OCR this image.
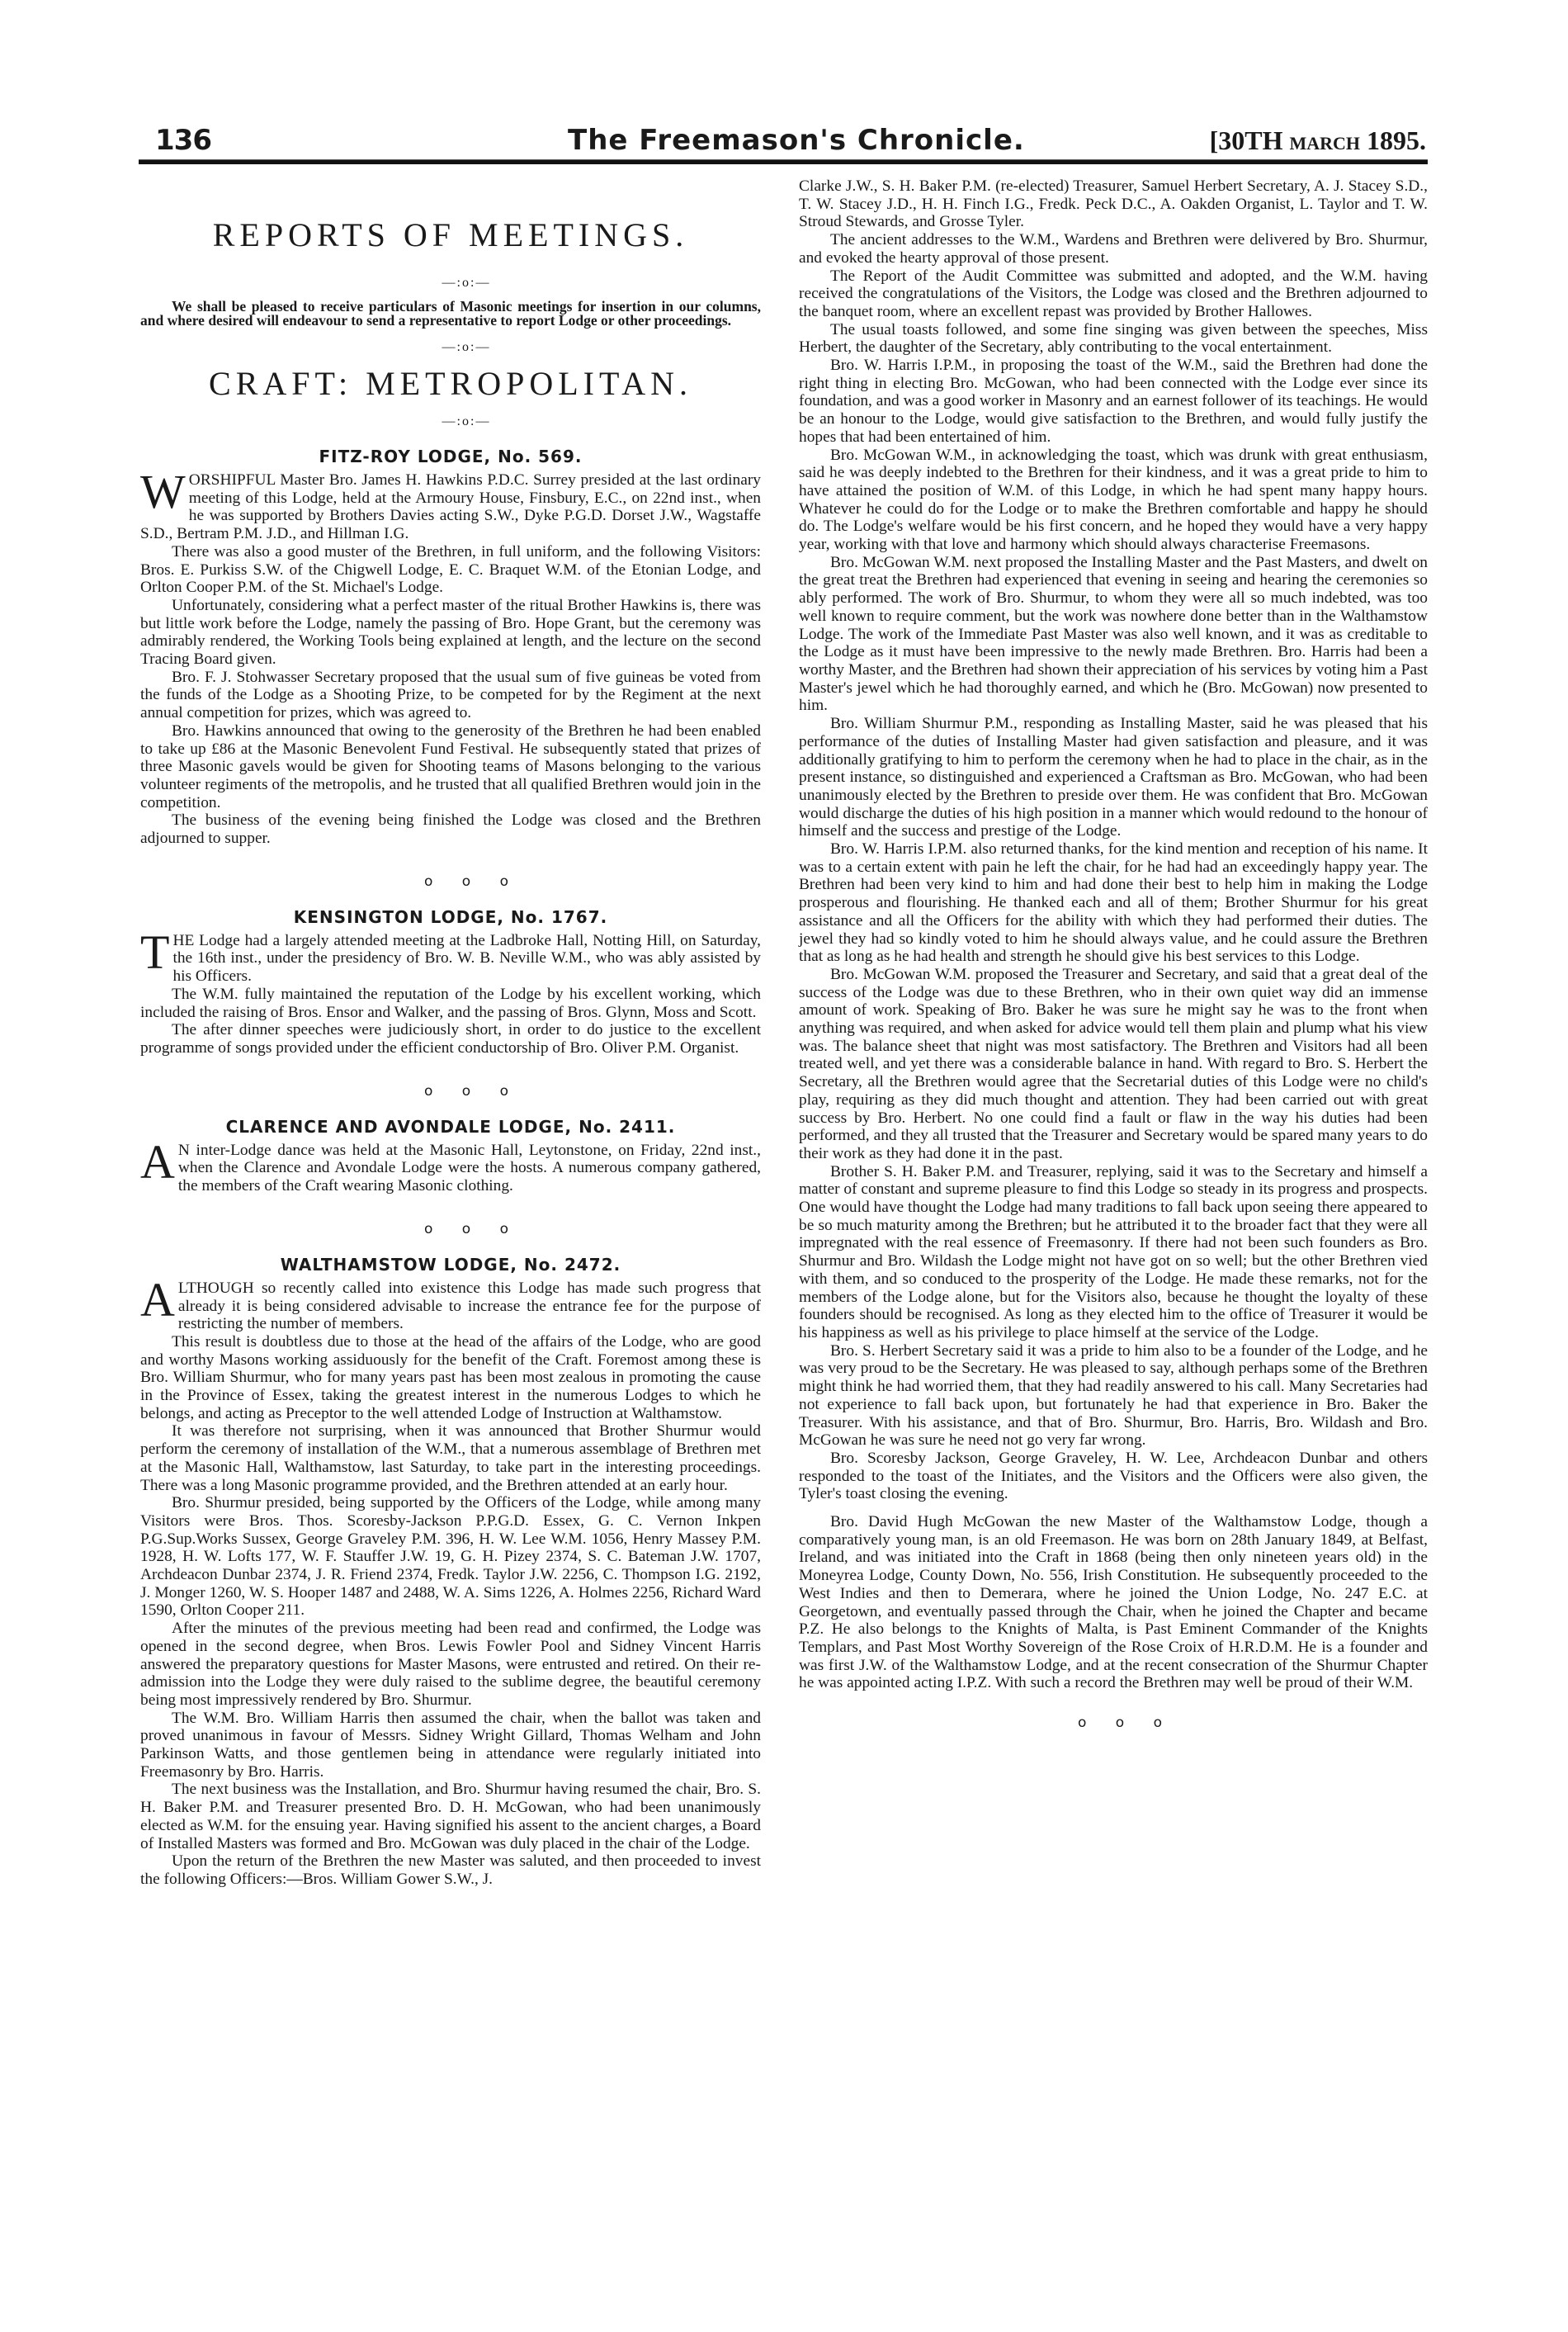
136	The Freemason's Chronicle.	[30TH MARCH 1895.
REPORTS OF MEETINGS.

—:o:—

We shall be pleased to receive particulars of Masonic meetings for insertion in our columns, and where desired will endeavour to send a representative to report Lodge or other proceedings.

—:o:—

CRAFT: METROPOLITAN.

—:o:—

FITZ-ROY LODGE, No. 569.

WORSHIPFUL Master Bro. James H. Hawkins P.D.C. Surrey presided at the last ordinary meeting of this Lodge, held at the Armoury House, Finsbury, E.C., on 22nd inst., when he was supported by Brothers Davies acting S.W., Dyke P.G.D. Dorset J.W., Wagstaffe S.D., Bertram P.M. J.D., and Hillman I.G.

There was also a good muster of the Brethren, in full uniform, and the following Visitors: Bros. E. Purkiss S.W. of the Chigwell Lodge, E. C. Braquet W.M. of the Etonian Lodge, and Orlton Cooper P.M. of the St. Michael's Lodge.

Unfortunately, considering what a perfect master of the ritual Brother Hawkins is, there was but little work before the Lodge, namely the passing of Bro. Hope Grant, but the ceremony was admirably rendered, the Working Tools being explained at length, and the lecture on the second Tracing Board given.

Bro. F. J. Stohwasser Secretary proposed that the usual sum of five guineas be voted from the funds of the Lodge as a Shooting Prize, to be competed for by the Regiment at the next annual competition for prizes, which was agreed to.

Bro. Hawkins announced that owing to the generosity of the Brethren he had been enabled to take up £86 at the Masonic Benevolent Fund Festival. He subsequently stated that prizes of three Masonic gavels would be given for Shooting teams of Masons belonging to the various volunteer regiments of the metropolis, and he trusted that all qualified Brethren would join in the competition.

The business of the evening being finished the Lodge was closed and the Brethren adjourned to supper.

o o o

KENSINGTON LODGE, No. 1767.

THE Lodge had a largely attended meeting at the Ladbroke Hall, Notting Hill, on Saturday, the 16th inst., under the presidency of Bro. W. B. Neville W.M., who was ably assisted by his Officers.

The W.M. fully maintained the reputation of the Lodge by his excellent working, which included the raising of Bros. Ensor and Walker, and the passing of Bros. Glynn, Moss and Scott.

The after dinner speeches were judiciously short, in order to do justice to the excellent programme of songs provided under the efficient conductorship of Bro. Oliver P.M. Organist.

o o o

CLARENCE AND AVONDALE LODGE, No. 2411.

A N inter-Lodge dance was held at the Masonic Hall, Leytonstone, on Friday, 22nd inst., when the Clarence and Avondale Lodge were the hosts. A numerous company gathered, the members of the Craft wearing Masonic clothing.

o o o

WALTHAMSTOW LODGE, No. 2472.

ALTHOUGH so recently called into existence this Lodge has made such progress that already it is being considered advisable to increase the entrance fee for the purpose of restricting the number of members.

This result is doubtless due to those at the head of the affairs of the Lodge, who are good and worthy Masons working assiduously for the benefit of the Craft. Foremost among these is Bro. William Shurmur, who for many years past has been most zealous in promoting the cause in the Province of Essex, taking the greatest interest in the numerous Lodges to which he belongs, and acting as Preceptor to the well attended Lodge of Instruction at Walthamstow.

It was therefore not surprising, when it was announced that Brother Shurmur would perform the ceremony of installation of the W.M., that a numerous assemblage of Brethren met at the Masonic Hall, Walthamstow, last Saturday, to take part in the interesting proceedings. There was a long Masonic programme provided, and the Brethren attended at an early hour.

Bro. Shurmur presided, being supported by the Officers of the Lodge, while among many Visitors were Bros. Thos. Scoresby-Jackson P.P.G.D. Essex, G. C. Vernon Inkpen P.G.Sup.Works Sussex, George Graveley P.M. 396, H. W. Lee W.M. 1056, Henry Massey P.M. 1928, H. W. Lofts 177, W. F. Stauffer J.W. 19, G. H. Pizey 2374, S. C. Bateman J.W. 1707, Archdeacon Dunbar 2374, J. R. Friend 2374, Fredk. Taylor J.W. 2256, C. Thompson I.G. 2192, J. Monger 1260, W. S. Hooper 1487 and 2488, W. A. Sims 1226, A. Holmes 2256, Richard Ward 1590, Orlton Cooper 211.

After the minutes of the previous meeting had been read and confirmed, the Lodge was opened in the second degree, when Bros. Lewis Fowler Pool and Sidney Vincent Harris answered the preparatory questions for Master Masons, were entrusted and retired. On their re-admission into the Lodge they were duly raised to the sublime degree, the beautiful ceremony being most impressively rendered by Bro. Shurmur.

The W.M. Bro. William Harris then assumed the chair, when the ballot was taken and proved unanimous in favour of Messrs. Sidney Wright Gillard, Thomas Welham and John Parkinson Watts, and those gentlemen being in attendance were regularly initiated into Freemasonry by Bro. Harris.

The next business was the Installation, and Bro. Shurmur having resumed the chair, Bro. S. H. Baker P.M. and Treasurer presented Bro. D. H. McGowan, who had been unanimously elected as W.M. for the ensuing year. Having signified his assent to the ancient charges, a Board of Installed Masters was formed and Bro. McGowan was duly placed in the chair of the Lodge.

Upon the return of the Brethren the new Master was saluted, and then proceeded to invest the following Officers:—Bros. William Gower S.W., J.

Clarke J.W., S. H. Baker P.M. (re-elected) Treasurer, Samuel Herbert Secretary, A. J. Stacey S.D., T. W. Stacey J.D., H. H. Finch I.G., Fredk. Peck D.C., A. Oakden Organist, L. Taylor and T. W. Stroud Stewards, and Grosse Tyler.

The ancient addresses to the W.M., Wardens and Brethren were delivered by Bro. Shurmur, and evoked the hearty approval of those present.

The Report of the Audit Committee was submitted and adopted, and the W.M. having received the congratulations of the Visitors, the Lodge was closed and the Brethren adjourned to the banquet room, where an excellent repast was provided by Brother Hallowes.

The usual toasts followed, and some fine singing was given between the speeches, Miss Herbert, the daughter of the Secretary, ably contributing to the vocal entertainment.

Bro. W. Harris I.P.M., in proposing the toast of the W.M., said the Brethren had done the right thing in electing Bro. McGowan, who had been connected with the Lodge ever since its foundation, and was a good worker in Masonry and an earnest follower of its teachings. He would be an honour to the Lodge, would give satisfaction to the Brethren, and would fully justify the hopes that had been entertained of him.

Bro. McGowan W.M., in acknowledging the toast, which was drunk with great enthusiasm, said he was deeply indebted to the Brethren for their kindness, and it was a great pride to him to have attained the position of W.M. of this Lodge, in which he had spent many happy hours. Whatever he could do for the Lodge or to make the Brethren comfortable and happy he should do. The Lodge's welfare would be his first concern, and he hoped they would have a very happy year, working with that love and harmony which should always characterise Freemasons.

Bro. McGowan W.M. next proposed the Installing Master and the Past Masters, and dwelt on the great treat the Brethren had experienced that evening in seeing and hearing the ceremonies so ably performed. The work of Bro. Shurmur, to whom they were all so much indebted, was too well known to require comment, but the work was nowhere done better than in the Walthamstow Lodge. The work of the Immediate Past Master was also well known, and it was as creditable to the Lodge as it must have been impressive to the newly made Brethren. Bro. Harris had been a worthy Master, and the Brethren had shown their appreciation of his services by voting him a Past Master's jewel which he had thoroughly earned, and which he (Bro. McGowan) now presented to him.

Bro. William Shurmur P.M., responding as Installing Master, said he was pleased that his performance of the duties of Installing Master had given satisfaction and pleasure, and it was additionally gratifying to him to perform the ceremony when he had to place in the chair, as in the present instance, so distinguished and experienced a Craftsman as Bro. McGowan, who had been unanimously elected by the Brethren to preside over them. He was confident that Bro. McGowan would discharge the duties of his high position in a manner which would redound to the honour of himself and the success and prestige of the Lodge.

Bro. W. Harris I.P.M. also returned thanks, for the kind mention and reception of his name. It was to a certain extent with pain he left the chair, for he had had an exceedingly happy year. The Brethren had been very kind to him and had done their best to help him in making the Lodge prosperous and flourishing. He thanked each and all of them; Brother Shurmur for his great assistance and all the Officers for the ability with which they had performed their duties. The jewel they had so kindly voted to him he should always value, and he could assure the Brethren that as long as he had health and strength he should give his best services to this Lodge.

Bro. McGowan W.M. proposed the Treasurer and Secretary, and said that a great deal of the success of the Lodge was due to these Brethren, who in their own quiet way did an immense amount of work. Speaking of Bro. Baker he was sure he might say he was to the front when anything was required, and when asked for advice would tell them plain and plump what his view was. The balance sheet that night was most satisfactory. The Brethren and Visitors had all been treated well, and yet there was a considerable balance in hand. With regard to Bro. S. Herbert the Secretary, all the Brethren would agree that the Secretarial duties of this Lodge were no child's play, requiring as they did much thought and attention. They had been carried out with great success by Bro. Herbert. No one could find a fault or flaw in the way his duties had been performed, and they all trusted that the Treasurer and Secretary would be spared many years to do their work as they had done it in the past.

Brother S. H. Baker P.M. and Treasurer, replying, said it was to the Secretary and himself a matter of constant and supreme pleasure to find this Lodge so steady in its progress and prospects. One would have thought the Lodge had many traditions to fall back upon seeing there appeared to be so much maturity among the Brethren; but he attributed it to the broader fact that they were all impregnated with the real essence of Freemasonry. If there had not been such founders as Bro. Shurmur and Bro. Wildash the Lodge might not have got on so well; but the other Brethren vied with them, and so conduced to the prosperity of the Lodge. He made these remarks, not for the members of the Lodge alone, but for the Visitors also, because he thought the loyalty of these founders should be recognised. As long as they elected him to the office of Treasurer it would be his happiness as well as his privilege to place himself at the service of the Lodge.

Bro. S. Herbert Secretary said it was a pride to him also to be a founder of the Lodge, and he was very proud to be the Secretary. He was pleased to say, although perhaps some of the Brethren might think he had worried them, that they had readily answered to his call. Many Secretaries had not experience to fall back upon, but fortunately he had that experience in Bro. Baker the Treasurer. With his assistance, and that of Bro. Shurmur, Bro. Harris, Bro. Wildash and Bro. McGowan he was sure he need not go very far wrong.

Bro. Scoresby Jackson, George Graveley, H. W. Lee, Archdeacon Dunbar and others responded to the toast of the Initiates, and the Visitors and the Officers were also given, the Tyler's toast closing the evening.

Bro. David Hugh McGowan the new Master of the Walthamstow Lodge, though a comparatively young man, is an old Freemason. He was born on 28th January 1849, at Belfast, Ireland, and was initiated into the Craft in 1868 (being then only nineteen years old) in the Moneyrea Lodge, County Down, No. 556, Irish Constitution. He subsequently proceeded to the West Indies and then to Demerara, where he joined the Union Lodge, No. 247 E.C. at Georgetown, and eventually passed through the Chair, when he joined the Chapter and became P.Z. He also belongs to the Knights of Malta, is Past Eminent Commander of the Knights Templars, and Past Most Worthy Sovereign of the Rose Croix of H.R.D.M. He is a founder and was first J.W. of the Walthamstow Lodge, and at the recent consecration of the Shurmur Chapter he was appointed acting I.P.Z. With such a record the Brethren may well be proud of their W.M.

o o o
